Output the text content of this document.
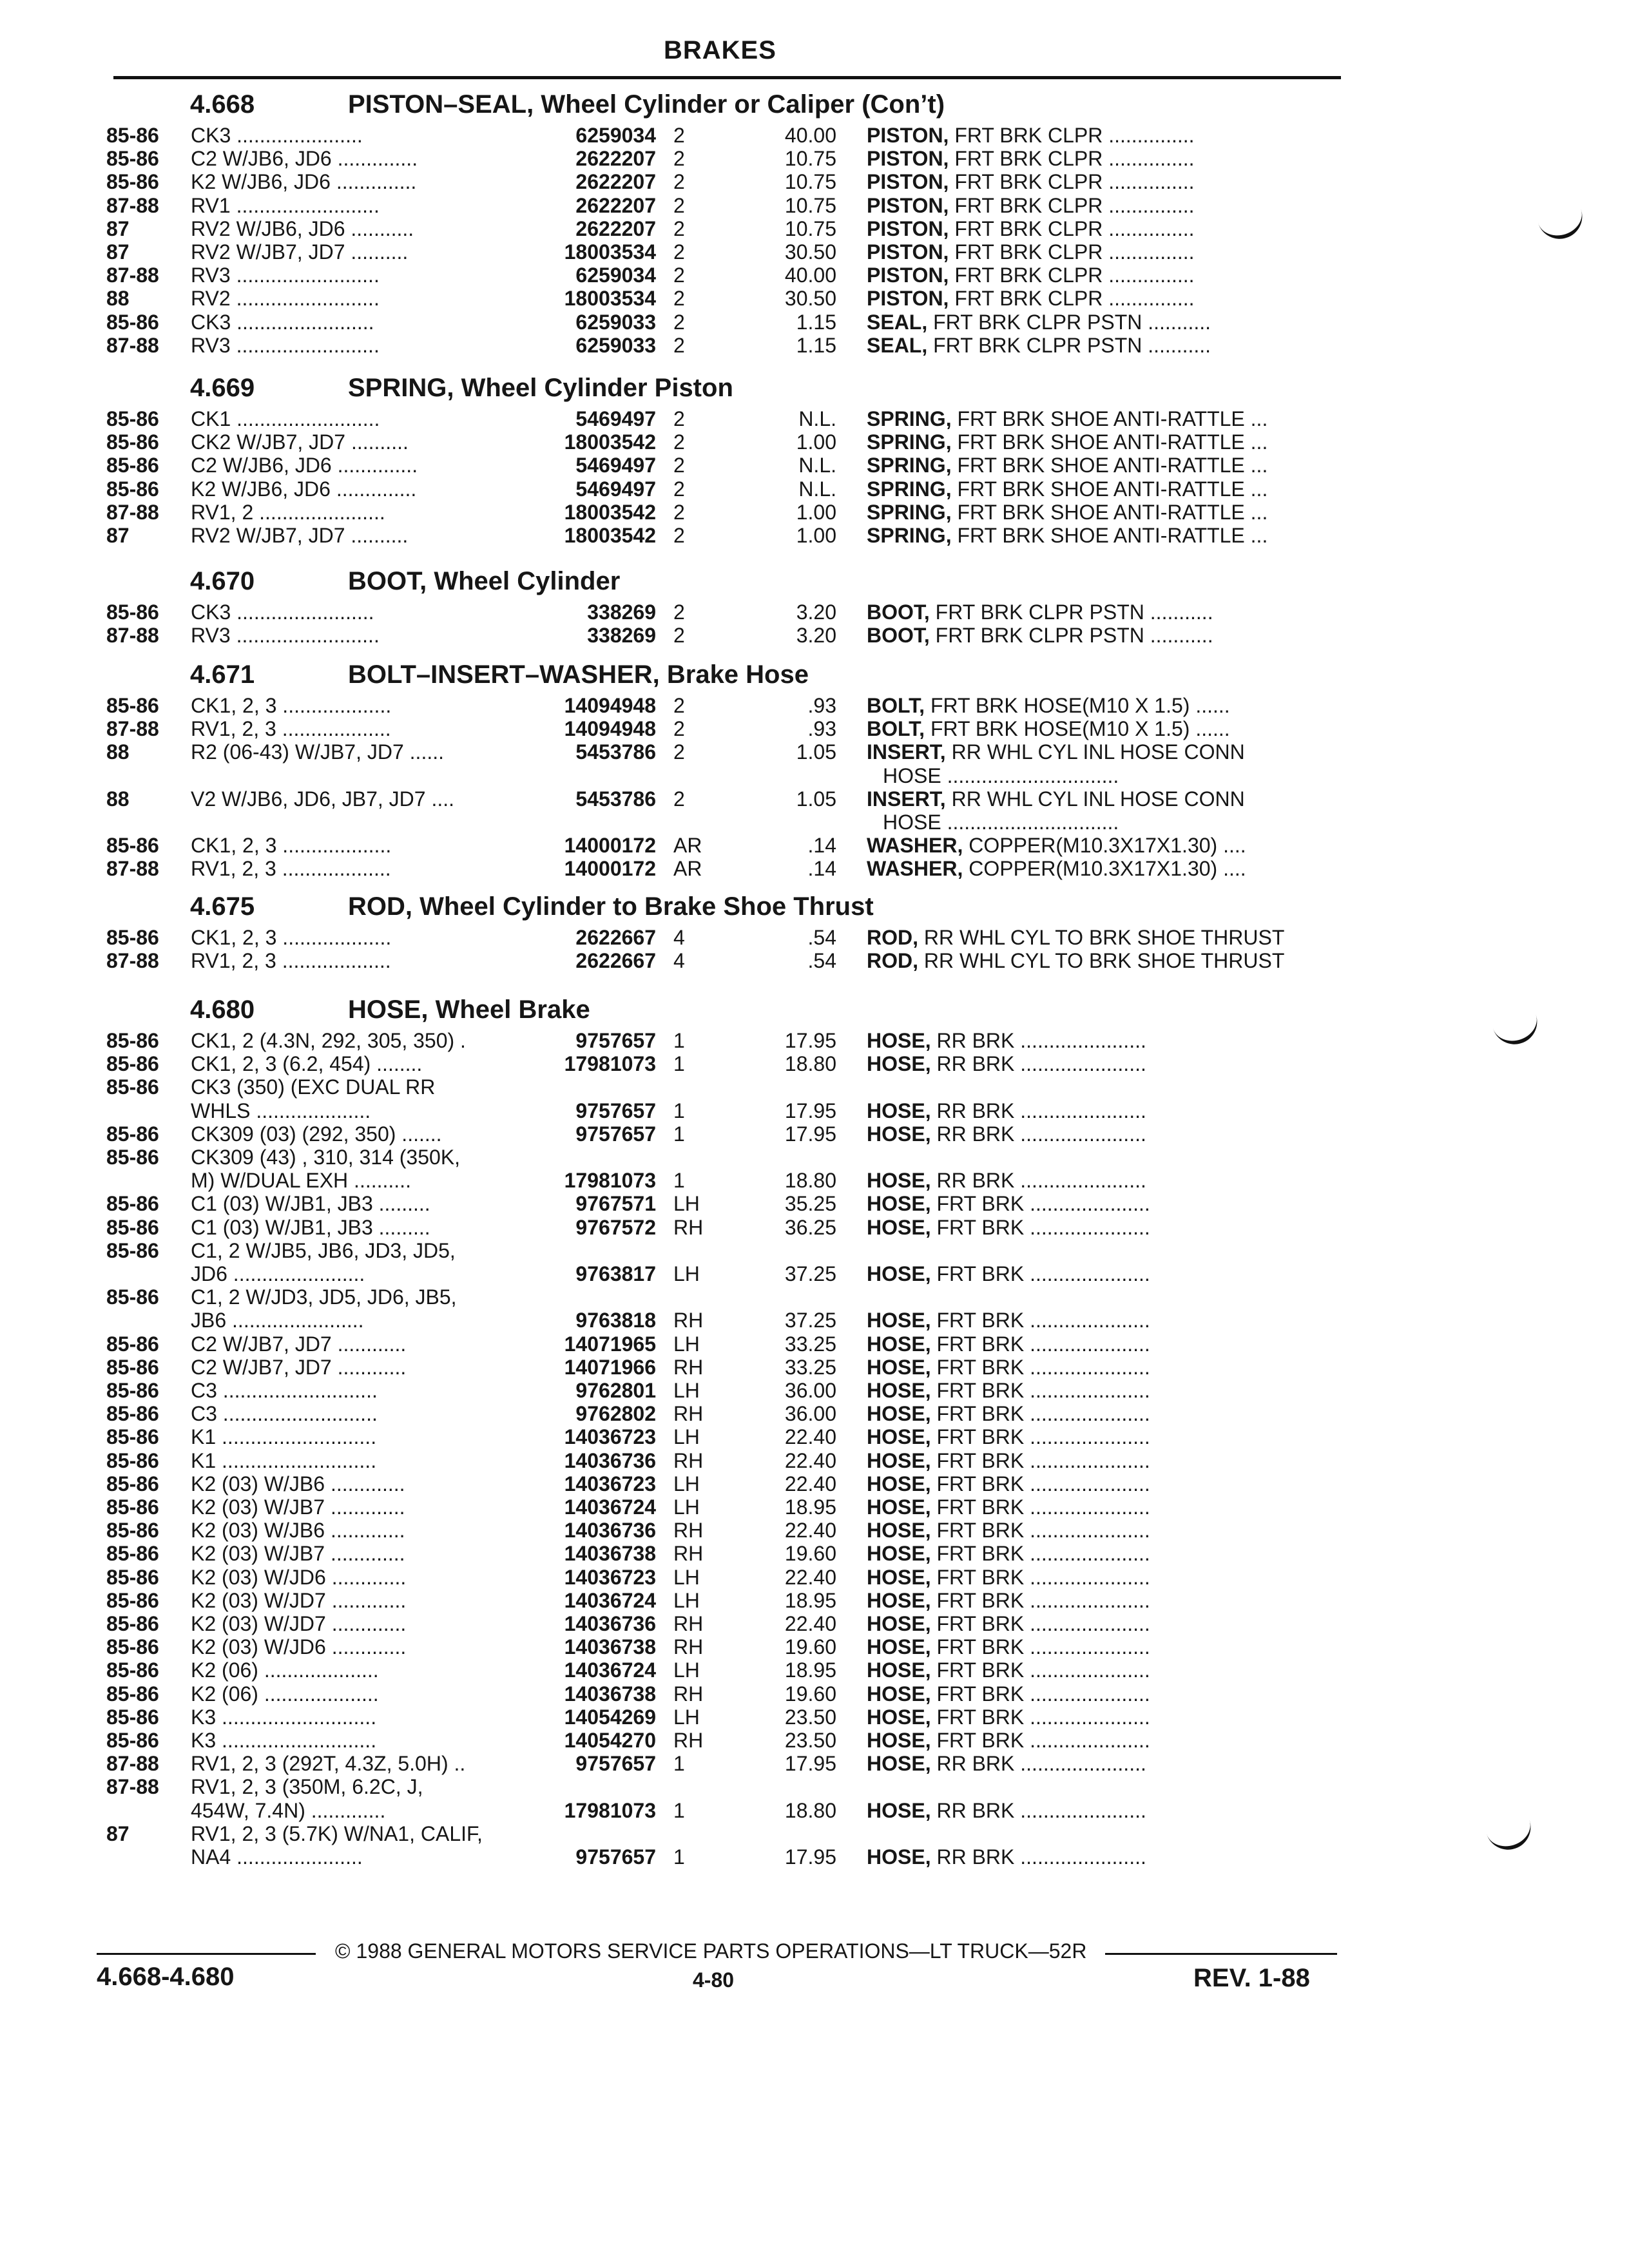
BRAKES
4.668	PISTON–SEAL, Wheel Cylinder or Caliper (Con’t)
85-86 CK3 ......................	6259034 2	40.00 PISTON, FRT BRK CLPR ...............
85-86 C2 W/JB6, JD6 ..............	2622207 2	10.75 PISTON, FRT BRK CLPR ...............
85-86 K2 W/JB6, JD6 ..............	2622207 2	10.75 PISTON, FRT BRK CLPR ...............
87-88 RV1 .........................	2622207 2	10.75 PISTON, FRT BRK CLPR ...............
87	RV2 W/JB6, JD6 ...........	2622207 2	10.75 PISTON, FRT BRK CLPR ...............
87	RV2 W/JB7, JD7 ..........	18003534 2	30.50 PISTON, FRT BRK CLPR ...............
87-88 RV3 .........................	6259034 2	40.00 PISTON, FRT BRK CLPR ...............
88	RV2 .........................	18003534 2	30.50 PISTON, FRT BRK CLPR ...............
85-86 CK3 ........................	6259033 2	1.15 SEAL, FRT BRK CLPR PSTN ...........
87-88 RV3 .........................	6259033 2	1.15 SEAL, FRT BRK CLPR PSTN ...........
4.669	SPRING, Wheel Cylinder Piston
85-86 CK1 .........................	5469497 2	N.L. SPRING, FRT BRK SHOE ANTI-RATTLE ...
85-86 CK2 W/JB7, JD7 ..........	18003542 2	1.00 SPRING, FRT BRK SHOE ANTI-RATTLE ...
85-86 C2 W/JB6, JD6 ..............	5469497 2	N.L. SPRING, FRT BRK SHOE ANTI-RATTLE ...
85-86 K2 W/JB6, JD6 ..............	5469497 2	N.L. SPRING, FRT BRK SHOE ANTI-RATTLE ...
87-88 RV1, 2 ......................	18003542 2	1.00 SPRING, FRT BRK SHOE ANTI-RATTLE ...
87	RV2 W/JB7, JD7 ..........	18003542 2	1.00 SPRING, FRT BRK SHOE ANTI-RATTLE ...
4.670	BOOT, Wheel Cylinder
85-86 CK3 ........................	338269 2	3.20 BOOT, FRT BRK CLPR PSTN ...........
87-88 RV3 .........................	338269 2	3.20 BOOT, FRT BRK CLPR PSTN ...........
4.671	BOLT–INSERT–WASHER, Brake Hose
85-86 CK1, 2, 3 ...................	14094948 2	.93 BOLT, FRT BRK HOSE(M10 X 1.5) ......
87-88 RV1, 2, 3 ...................	14094948 2	.93 BOLT, FRT BRK HOSE(M10 X 1.5) ......
88	R2 (06-43) W/JB7, JD7 ......	5453786 2	1.05 INSERT, RR WHL CYL INL HOSE CONN
HOSE ..............................
88	V2 W/JB6, JD6, JB7, JD7 ....	5453786 2	1.05 INSERT, RR WHL CYL INL HOSE CONN
HOSE ..............................
85-86 CK1, 2, 3 ...................	14000172 AR	.14 WASHER, COPPER(M10.3X17X1.30) ....
87-88 RV1, 2, 3 ...................	14000172 AR	.14 WASHER, COPPER(M10.3X17X1.30) ....
4.675	ROD, Wheel Cylinder to Brake Shoe Thrust
85-86 CK1, 2, 3 ...................	2622667 4	.54 ROD, RR WHL CYL TO BRK SHOE THRUST
87-88 RV1, 2, 3 ...................	2622667 4	.54 ROD, RR WHL CYL TO BRK SHOE THRUST
4.680	HOSE, Wheel Brake
85-86 CK1, 2 (4.3N, 292, 305, 350) .	9757657 1	17.95 HOSE, RR BRK ......................
85-86 CK1, 2, 3 (6.2, 454) ........	17981073 1	18.80 HOSE, RR BRK ......................
85-86 CK3 (350) (EXC DUAL RR
WHLS ....................	9757657 1	17.95 HOSE, RR BRK ......................
85-86 CK309 (03) (292, 350) .......	9757657 1	17.95 HOSE, RR BRK ......................
85-86 CK309 (43) , 310, 314 (350K,
M) W/DUAL EXH ..........	17981073 1	18.80 HOSE, RR BRK ......................
85-86 C1 (03) W/JB1, JB3 .........	9767571 LH	35.25 HOSE, FRT BRK .....................
85-86 C1 (03) W/JB1, JB3 .........	9767572 RH	36.25 HOSE, FRT BRK .....................
85-86 C1, 2 W/JB5, JB6, JD3, JD5,
JD6 .......................	9763817 LH	37.25 HOSE, FRT BRK .....................
85-86 C1, 2 W/JD3, JD5, JD6, JB5,
JB6 .......................	9763818 RH	37.25 HOSE, FRT BRK .....................
85-86 C2 W/JB7, JD7 ............	14071965 LH	33.25 HOSE, FRT BRK .....................
85-86 C2 W/JB7, JD7 ............	14071966 RH	33.25 HOSE, FRT BRK .....................
85-86 C3 ...........................	9762801 LH	36.00 HOSE, FRT BRK .....................
85-86 C3 ...........................	9762802 RH	36.00 HOSE, FRT BRK .....................
85-86 K1 ...........................	14036723 LH	22.40 HOSE, FRT BRK .....................
85-86 K1 ...........................	14036736 RH	22.40 HOSE, FRT BRK .....................
85-86 K2 (03) W/JB6 .............	14036723 LH	22.40 HOSE, FRT BRK .....................
85-86 K2 (03) W/JB7 .............	14036724 LH	18.95 HOSE, FRT BRK .....................
85-86 K2 (03) W/JB6 .............	14036736 RH	22.40 HOSE, FRT BRK .....................
85-86 K2 (03) W/JB7 .............	14036738 RH	19.60 HOSE, FRT BRK .....................
85-86 K2 (03) W/JD6 .............	14036723 LH	22.40 HOSE, FRT BRK .....................
85-86 K2 (03) W/JD7 .............	14036724 LH	18.95 HOSE, FRT BRK .....................
85-86 K2 (03) W/JD7 .............	14036736 RH	22.40 HOSE, FRT BRK .....................
85-86 K2 (03) W/JD6 .............	14036738 RH	19.60 HOSE, FRT BRK .....................
85-86 K2 (06) ....................	14036724 LH	18.95 HOSE, FRT BRK .....................
85-86 K2 (06) ....................	14036738 RH	19.60 HOSE, FRT BRK .....................
85-86 K3 ...........................	14054269 LH	23.50 HOSE, FRT BRK .....................
85-86 K3 ...........................	14054270 RH	23.50 HOSE, FRT BRK .....................
87-88 RV1, 2, 3 (292T, 4.3Z, 5.0H) ..	9757657 1	17.95 HOSE, RR BRK ......................
87-88 RV1, 2, 3 (350M, 6.2C, J,
454W, 7.4N) .............	17981073 1	18.80 HOSE, RR BRK ......................
87	RV1, 2, 3 (5.7K) W/NA1, CALIF,
NA4 ......................	9757657 1	17.95 HOSE, RR BRK ......................
© 1988 GENERAL MOTORS SERVICE PARTS OPERATIONS—LT TRUCK—52R
4.668-4.680	4-80	REV. 1-88
